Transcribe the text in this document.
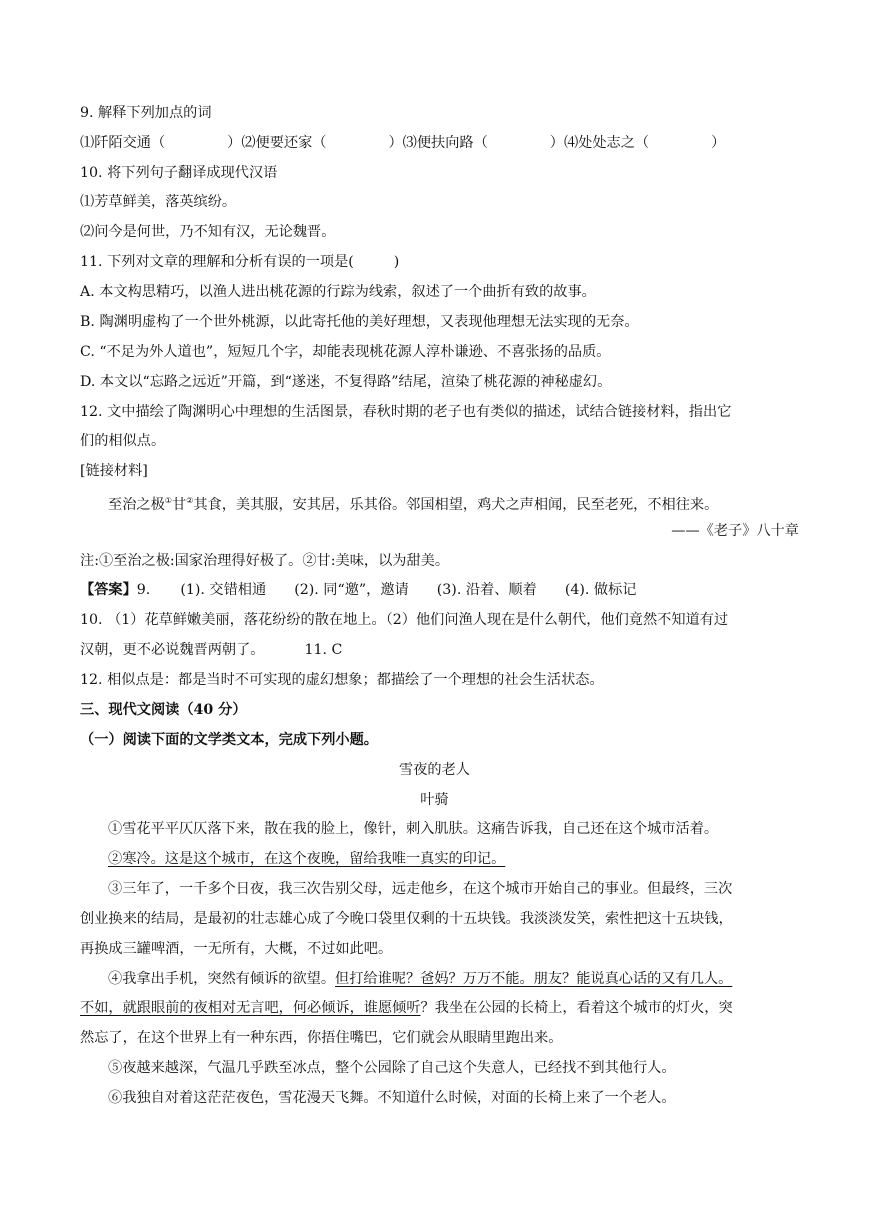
9. 解释下列加点的词
⑴阡陌交通（	）⑵便要还家（	）⑶便扶向路（	）⑷处处志之（	）
10. 将下列句子翻译成现代汉语
⑴芳草鲜美，落英缤纷。
⑵问今是何世，乃不知有汉，无论魏晋。
11. 下列对文章的理解和分析有误的一项是(	)
A. 本文构思精巧，以渔人进出桃花源的行踪为线索，叙述了一个曲折有致的故事。
B. 陶渊明虚构了一个世外桃源，以此寄托他的美好理想，又表现他理想无法实现的无奈。
C. “不足为外人道也”，短短几个字，却能表现桃花源人淳朴谦逊、不喜张扬的品质。
D. 本文以“忘路之远近”开篇，到“遂迷，不复得路”结尾，渲染了桃花源的神秘虚幻。
12. 文中描绘了陶渊明心中理想的生活图景，春秋时期的老子也有类似的描述，试结合链接材料，指出它
们的相似点。
[链接材料]
至治之极①甘②其食，美其服，安其居，乐其俗。邻国相望，鸡犬之声相闻，民至老死，不相往来。
——《老子》八十章
注:①至治之极:国家治理得好极了。②甘:美味，以为甜美。
【答案】9. (1). 交错相通 (2). 同“邀”，邀请 (3). 沿着、顺着 (4). 做标记
10. （1）花草鲜嫩美丽，落花纷纷的散在地上。（2）他们问渔人现在是什么朝代，他们竟然不知道有过
汉朝，更不必说魏晋两朝了。	11. C
12. 相似点是：都是当时不可实现的虚幻想象；都描绘了一个理想的社会生活状态。
三、现代文阅读（40 分）
（一）阅读下面的文学类文本，完成下列小题。
雪夜的老人
叶骑
①雪花平平仄仄落下来，散在我的脸上，像针，刺入肌肤。这痛告诉我，自己还在这个城市活着。
②寒冷。这是这个城市，在这个夜晚，留给我唯一真实的印记。
③三年了，一千多个日夜，我三次告别父母，远走他乡，在这个城市开始自己的事业。但最终，三次
创业换来的结局，是最初的壮志雄心成了今晚口袋里仅剩的十五块钱。我淡淡发笑，索性把这十五块钱，
再换成三罐啤酒，一无所有，大概，不过如此吧。
④我拿出手机，突然有倾诉的欲望。但打给谁呢？爸妈？万万不能。朋友？能说真心话的又有几人。
不如，就跟眼前的夜相对无言吧，何必倾诉，谁愿倾听？我坐在公园的长椅上，看着这个城市的灯火，突
然忘了，在这个世界上有一种东西，你捂住嘴巴，它们就会从眼睛里跑出来。
⑤夜越来越深，气温几乎跌至冰点，整个公园除了自己这个失意人，已经找不到其他行人。
⑥我独自对着这茫茫夜色，雪花漫天飞舞。不知道什么时候，对面的长椅上来了一个老人。
